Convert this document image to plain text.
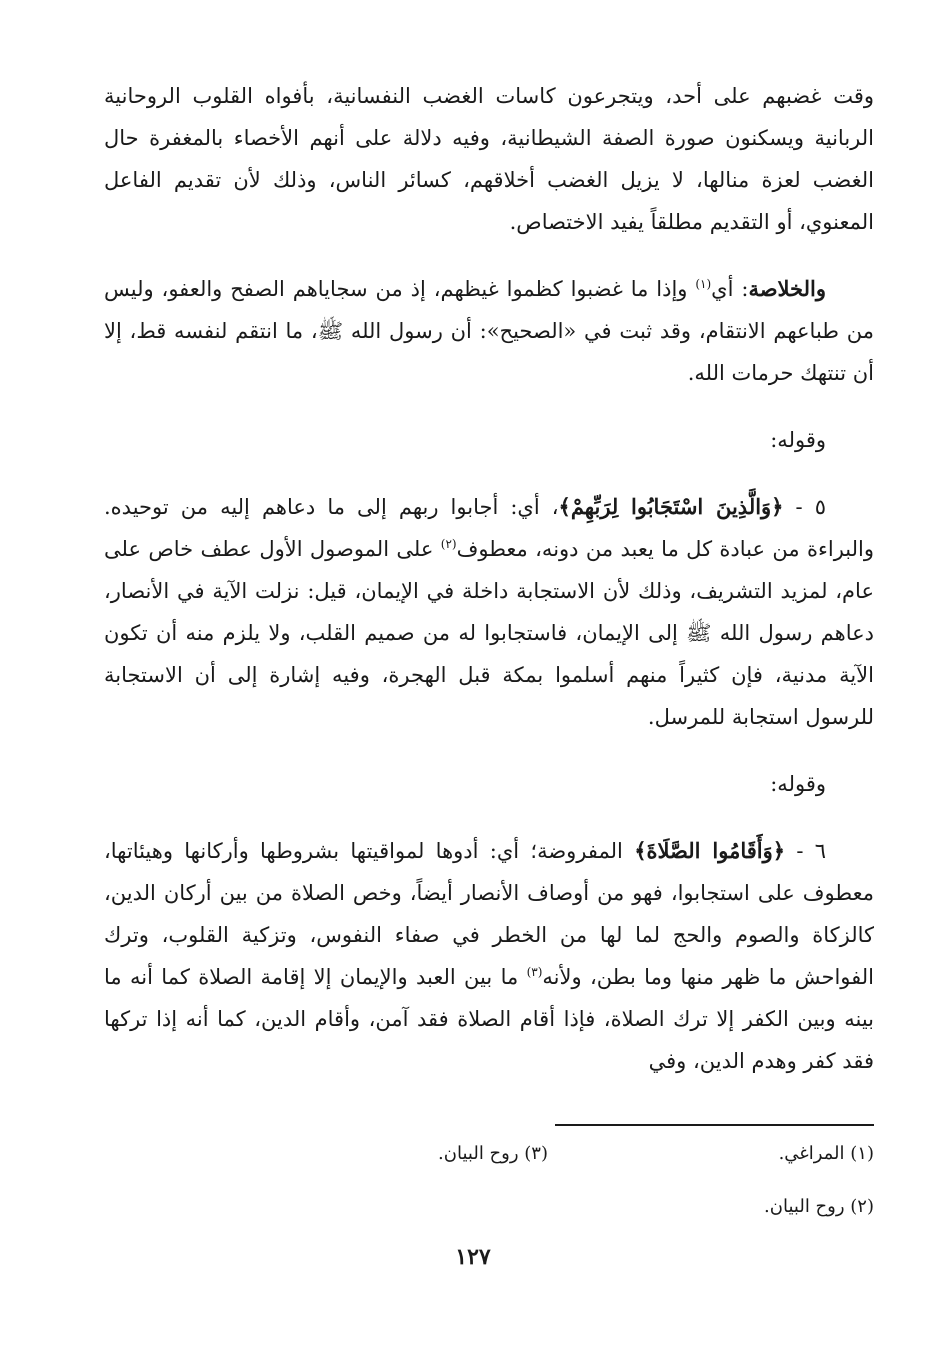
وقت غضبهم على أحد، ويتجرعون كاسات الغضب النفسانية، بأفواه القلوب الروحانية الربانية ويسكنون صورة الصفة الشيطانية، وفيه دلالة على أنهم الأخصاء بالمغفرة حال الغضب لعزة منالها، لا يزيل الغضب أخلاقهم، كسائر الناس، وذلك لأن تقديم الفاعل المعنوي، أو التقديم مطلقاً يفيد الاختصاص.

والخلاصة: أي$^{(١)}$ وإذا ما غضبوا كظموا غيظهم، إذ من سجاياهم الصفح والعفو، وليس من طباعهم الانتقام، وقد ثبت في «الصحيح»: أن رسول الله ﷺ، ما انتقم لنفسه قط، إلا أن تنتهك حرمات الله.

وقوله:

٥ - ﴿وَالَّذِينَ اسْتَجَابُوا لِرَبِّهِمْ﴾، أي: أجابوا ربهم إلى ما دعاهم إليه من توحيده. والبراءة من عبادة كل ما يعبد من دونه، معطوف$^{(٢)}$ على الموصول الأول عطف خاص على عام، لمزيد التشريف، وذلك لأن الاستجابة داخلة في الإيمان، قيل: نزلت الآية في الأنصار، دعاهم رسول الله ﷺ إلى الإيمان، فاستجابوا له من صميم القلب، ولا يلزم منه أن تكون الآية مدنية، فإن كثيراً منهم أسلموا بمكة قبل الهجرة، وفيه إشارة إلى أن الاستجابة للرسول استجابة للمرسل.

وقوله:

٦ - ﴿وَأَقَامُوا الصَّلَاةَ﴾ المفروضة؛ أي: أدوها لمواقيتها بشروطها وأركانها وهيئاتها، معطوف على استجابوا، فهو من أوصاف الأنصار أيضاً، وخص الصلاة من بين أركان الدين، كالزكاة والصوم والحج لما لها من الخطر في صفاء النفوس، وتزكية القلوب، وترك الفواحش ما ظهر منها وما بطن، ولأنه$^{(٣)}$ ما بين العبد والإيمان إلا إقامة الصلاة كما أنه ما بينه وبين الكفر إلا ترك الصلاة، فإذا أقام الصلاة فقد آمن، وأقام الدين، كما أنه إذا تركها فقد كفر وهدم الدين، وفي

(١) المراغي.
(٣) روح البيان.
(٢) روح البيان.
١٢٧
